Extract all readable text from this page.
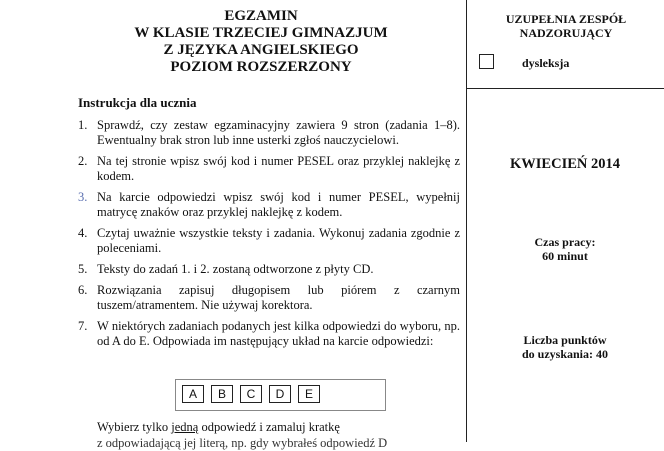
EGZAMIN
W KLASIE TRZECIEJ GIMNAZJUM
Z JĘZYKA ANGIELSKIEGO
POZIOM ROZSZERZONY
Instrukcja dla ucznia
1. Sprawdź, czy zestaw egzaminacyjny zawiera 9 stron (zadania 1–8). Ewentualny brak stron lub inne usterki zgłoś nauczycielowi.
2. Na tej stronie wpisz swój kod i numer PESEL oraz przyklej naklejkę z kodem.
3. Na karcie odpowiedzi wpisz swój kod i numer PESEL, wypełnij matrycę znaków oraz przyklej naklejkę z kodem.
4. Czytaj uważnie wszystkie teksty i zadania. Wykonuj zadania zgodnie z poleceniami.
5. Teksty do zadań 1. i 2. zostaną odtworzone z płyty CD.
6. Rozwiązania zapisuj długopisem lub piórem z czarnym tuszem/atramentem. Nie używaj korektora.
7. W niektórych zadaniach podanych jest kilka odpowiedzi do wyboru, np. od A do E. Odpowiada im następujący układ na karcie odpowiedzi:
A	B	C	D	E
Wybierz tylko jedną odpowiedź i zamaluj kratkę
z odpowiadającą jej literą, np. gdy wybrałeś odpowiedź D
UZUPEŁNIA ZESPÓŁ
NADZORUJĄCY
dysleksja
KWIECIEŃ 2014
Czas pracy:
60 minut
Liczba punktów
do uzyskania: 40
